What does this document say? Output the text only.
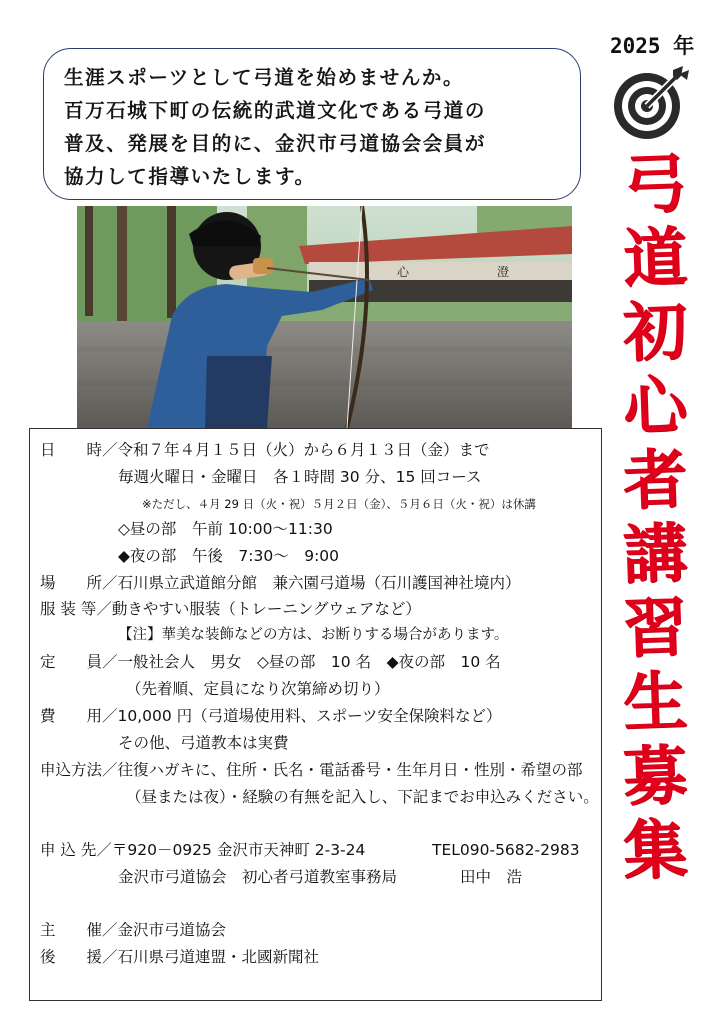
2025 年
弓
道
初
心
者
講
習
生
募
集

生涯スポーツとして弓道を始めませんか。

百万石城下町の伝統的武道文化である弓道の

普及、発展を目的に、金沢市弓道協会会員が

協力して指導いたします。

心	澄
日　　時／令和７年４月１５日（火）から６月１３日（金）まで
毎週火曜日・金曜日　各１時間 30 分、15 回コース
※ただし、４月 29 日（火・祝）５月２日（金）、５月６日（火・祝）は休講
◇昼の部　午前 10:00～11:30
◆夜の部　午後　7:30～　9:00
場　　所／石川県立武道館分館　兼六園弓道場（石川護国神社境内）
服 装 等／動きやすい服装（トレーニングウェアなど）
【注】華美な装飾などの方は、お断りする場合があります。
定　　員／一般社会人　男女　◇昼の部　10 名　◆夜の部　10 名
（先着順、定員になり次第締め切り）
費　　用／10,000 円（弓道場使用料、スポーツ安全保険料など）
その他、弓道教本は実費
申込方法／往復ハガキに、住所・氏名・電話番号・生年月日・性別・希望の部
（昼または夜）・経験の有無を記入し、下記までお申込みください。
申 込 先／〒920－0925 金沢市天神町 2-3-24	TEL090-5682-2983
金沢市弓道協会　初心者弓道教室事務局	田中　浩
主　　催／金沢市弓道協会
後　　援／石川県弓道連盟・北國新聞社
